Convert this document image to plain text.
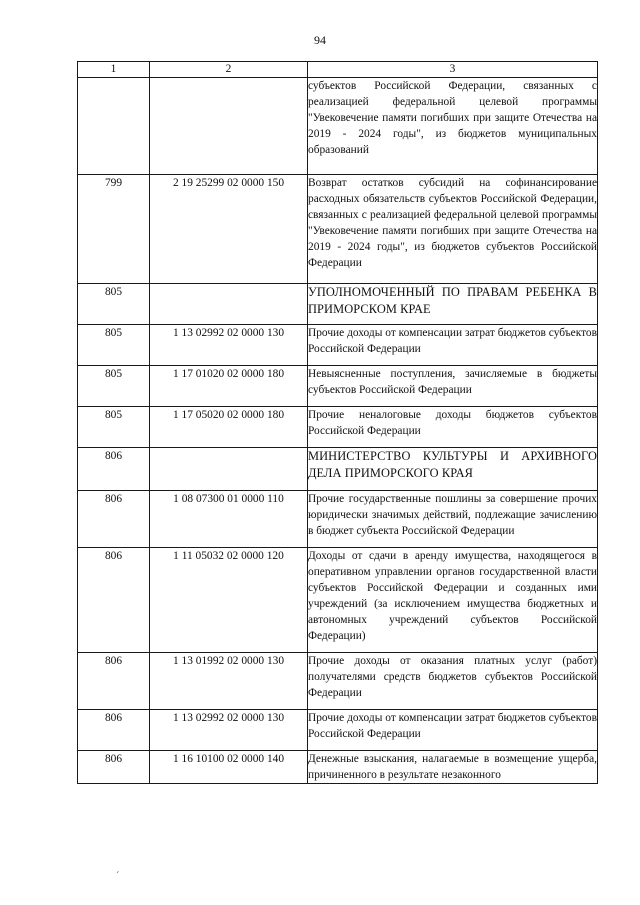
94
1	2	3

		субъектов Российской Федерации, связанных с реализацией федеральной целевой программы "Увековечение памяти погибших при защите Отечества на 2019 - 2024 годы", из бюджетов муниципальных образований

799	2 19 25299 02 0000 150	Возврат остатков субсидий на софинансирование расходных обязательств субъектов Российской Федерации, связанных с реализацией федеральной целевой программы "Увековечение памяти погибших при защите Отечества на 2019 - 2024 годы", из бюджетов субъектов Российской Федерации

805		УПОЛНОМОЧЕННЫЙ ПО ПРАВАМ РЕБЕНКА В ПРИМОРСКОМ КРАЕ

805	1 13 02992 02 0000 130	Прочие доходы от компенсации затрат бюджетов субъектов Российской Федерации

805	1 17 01020 02 0000 180	Невыясненные поступления, зачисляемые в бюджеты субъектов Российской Федерации

805	1 17 05020 02 0000 180	Прочие неналоговые доходы бюджетов субъектов Российской Федерации

806		МИНИСТЕРСТВО КУЛЬТУРЫ И АРХИВНОГО ДЕЛА ПРИМОРСКОГО КРАЯ

806	1 08 07300 01 0000 110	Прочие государственные пошлины за совершение прочих юридически значимых действий, подлежащие зачислению в бюджет субъекта Российской Федерации

806	1 11 05032 02 0000 120	Доходы от сдачи в аренду имущества, находящегося в оперативном управлении органов государственной власти субъектов Российской Федерации и созданных ими учреждений (за исключением имущества бюджетных и автономных учреждений субъектов Российской Федерации)

806	1 13 01992 02 0000 130	Прочие доходы от оказания платных услуг (работ) получателями средств бюджетов субъектов Российской Федерации

806	1 13 02992 02 0000 130	Прочие доходы от компенсации затрат бюджетов субъектов Российской Федерации

806	1 16 10100 02 0000 140	Денежные взыскания, налагаемые в возмещение ущерба, причиненного в результате незаконного
ˊ
